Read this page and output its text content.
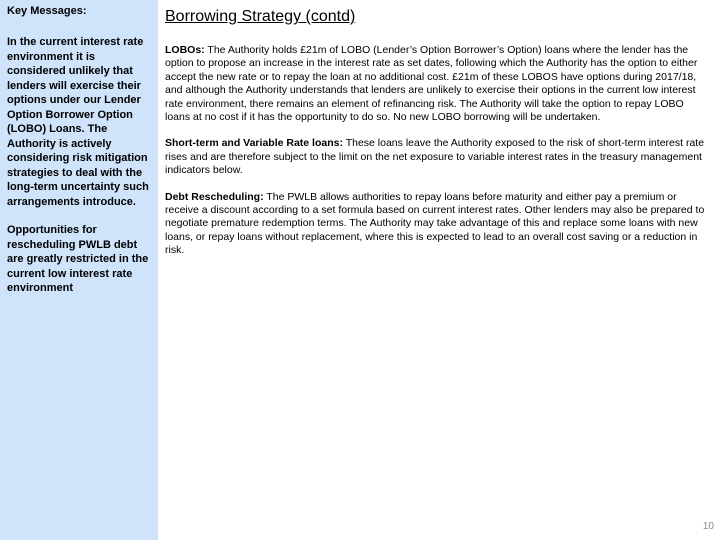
Key Messages:

In the current interest rate environment it is considered unlikely that lenders will exercise their options under our Lender Option Borrower Option (LOBO) Loans. The Authority is actively considering risk mitigation strategies to deal with the long-term uncertainty such arrangements introduce.

Opportunities for rescheduling PWLB debt are greatly restricted in the current low interest rate environment

Borrowing Strategy (contd)

LOBOs: The Authority holds £21m of LOBO (Lender’s Option Borrower’s Option) loans where the lender has the option to propose an increase in the interest rate as set dates, following which the Authority has the option to either accept the new rate or to repay the loan at no additional cost. £21m of these LOBOS have options during 2017/18, and although the Authority understands that lenders are unlikely to exercise their options in the current low interest rate environment, there remains an element of refinancing risk. The Authority will take the option to repay LOBO loans at no cost if it has the opportunity to do so. No new LOBO borrowing will be undertaken.

Short-term and Variable Rate loans: These loans leave the Authority exposed to the risk of short-term interest rate rises and are therefore subject to the limit on the net exposure to variable interest rates in the treasury management indicators below.

Debt Rescheduling: The PWLB allows authorities to repay loans before maturity and either pay a premium or receive a discount according to a set formula based on current interest rates. Other lenders may also be prepared to negotiate premature redemption terms. The Authority may take advantage of this and replace some loans with new loans, or repay loans without replacement, where this is expected to lead to an overall cost saving or a reduction in risk.

10
